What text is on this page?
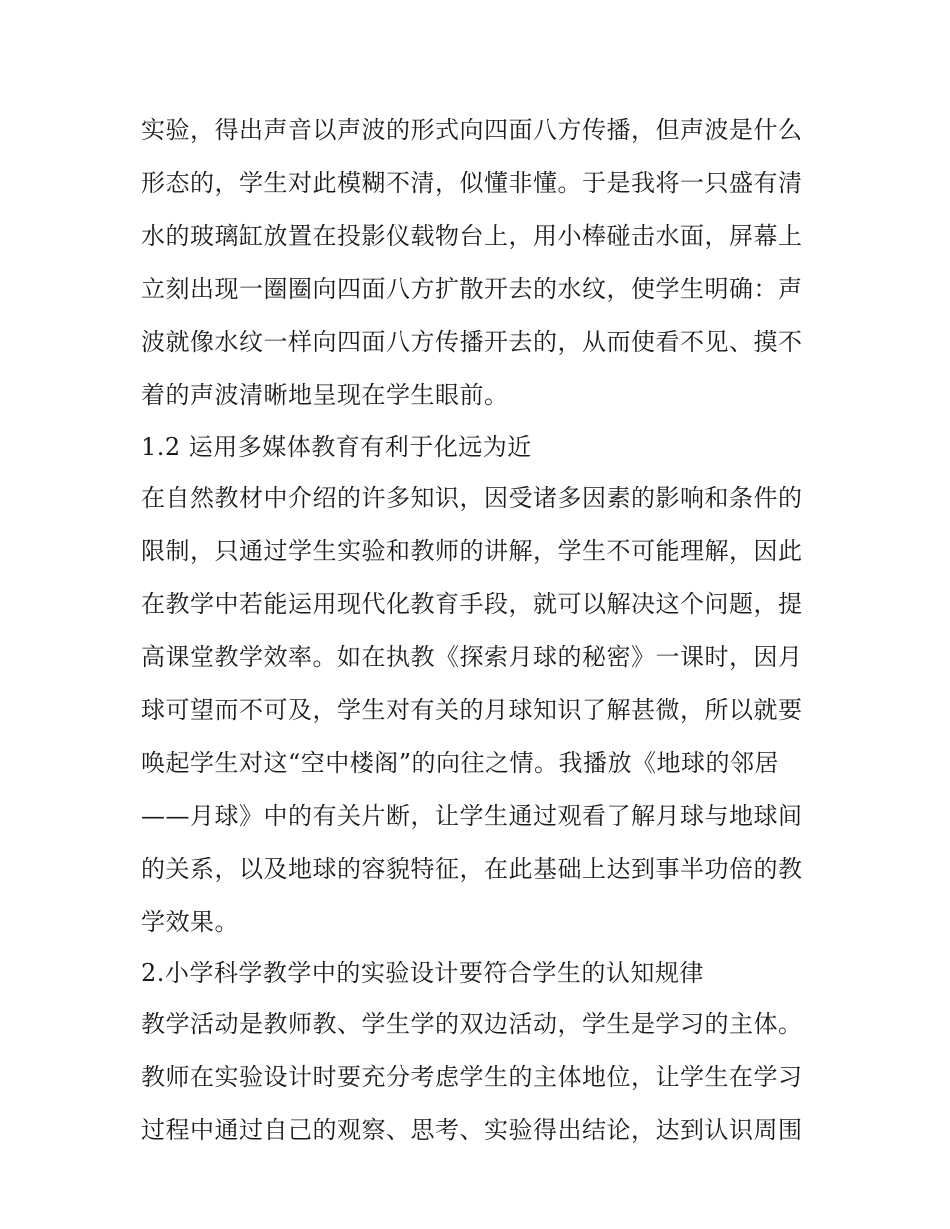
实验，得出声音以声波的形式向四面八方传播，但声波是什么
形态的，学生对此模糊不清，似懂非懂。于是我将一只盛有清
水的玻璃缸放置在投影仪载物台上，用小棒碰击水面，屏幕上
立刻出现一圈圈向四面八方扩散开去的水纹，使学生明确：声
波就像水纹一样向四面八方传播开去的，从而使看不见、摸不
着的声波清晰地呈现在学生眼前。
1.2 运用多媒体教育有利于化远为近
在自然教材中介绍的许多知识，因受诸多因素的影响和条件的
限制，只通过学生实验和教师的讲解，学生不可能理解，因此
在教学中若能运用现代化教育手段，就可以解决这个问题，提
高课堂教学效率。如在执教《探索月球的秘密》一课时，因月
球可望而不可及，学生对有关的月球知识了解甚微，所以就要
唤起学生对这“空中楼阁”的向往之情。我播放《地球的邻居
——月球》中的有关片断，让学生通过观看了解月球与地球间
的关系，以及地球的容貌特征，在此基础上达到事半功倍的教
学效果。
2.小学科学教学中的实验设计要符合学生的认知规律
教学活动是教师教、学生学的双边活动，学生是学习的主体。
教师在实验设计时要充分考虑学生的主体地位，让学生在学习
过程中通过自己的观察、思考、实验得出结论，达到认识周围
